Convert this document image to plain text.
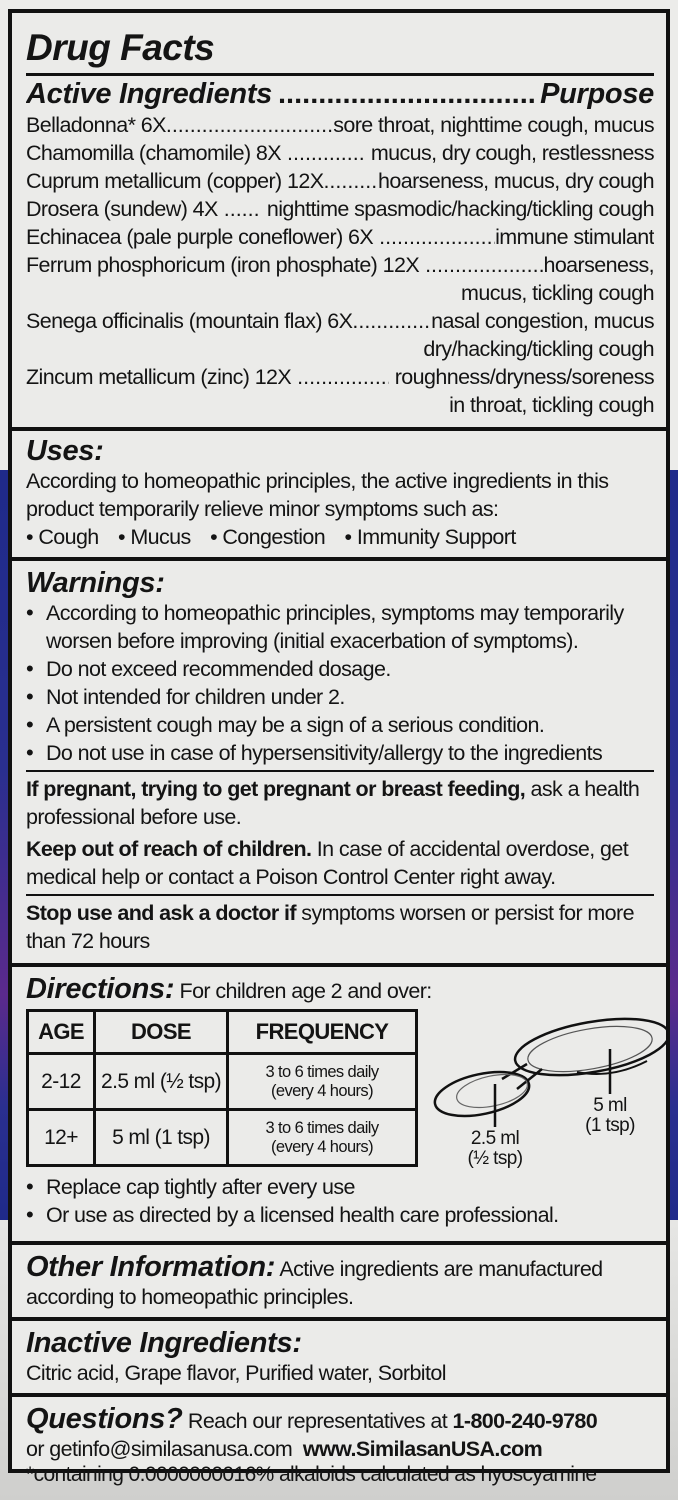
Drug Facts
Active Ingredients .....	Purpose
Belladonna* 6X .....	sore throat, nighttime cough, mucus
Chamomilla (chamomile) 8X .....	mucus, dry cough, restlessness
Cuprum metallicum (copper) 12X .....	hoarseness, mucus, dry cough
Drosera (sundew) 4X ..... nighttime spasmodic/hacking/tickling cough
Echinacea (pale purple coneflower) 6X .....	immune stimulant
Ferrum phosphoricum (iron phosphate) 12X .....	hoarseness,
mucus, tickling cough
Senega officinalis (mountain flax) 6X .....	nasal congestion, mucus
dry/hacking/tickling cough
Zincum metallicum (zinc) 12X .....	roughness/dryness/soreness
in throat, tickling cough
Uses:
According to homeopathic principles, the active ingredients in this product temporarily relieve minor symptoms such as:
• Cough • Mucus • Congestion • Immunity Support
Warnings:
• According to homeopathic principles, symptoms may temporarily worsen before improving (initial exacerbation of symptoms).
• Do not exceed recommended dosage.
• Not intended for children under 2.
• A persistent cough may be a sign of a serious condition.
• Do not use in case of hypersensitivity/allergy to the ingredients
If pregnant, trying to get pregnant or breast feeding, ask a health professional before use.
Keep out of reach of children. In case of accidental overdose, get medical help or contact a Poison Control Center right away.
Stop use and ask a doctor if symptoms worsen or persist for more than 72 hours
Directions: For children age 2 and over:
AGE	DOSE	FREQUENCY
2-12	2.5 ml (½ tsp)	3 to 6 times daily
(every 4 hours)

12+	5 ml (1 tsp)	3 to 6 times daily
(every 4 hours)	2.5 ml
(½ tsp)
5 ml
(1 tsp)
• Replace cap tightly after every use
• Or use as directed by a licensed health care professional.
Other Information: Active ingredients are manufactured according to homeopathic principles.
Inactive Ingredients:
Citric acid, Grape flavor, Purified water, Sorbitol
Questions? Reach our representatives at 1-800-240-9780
or getinfo@similasanusa.com www.SimilasanUSA.com
*containing 0.0000000016% alkaloids calculated as hyoscyamine
